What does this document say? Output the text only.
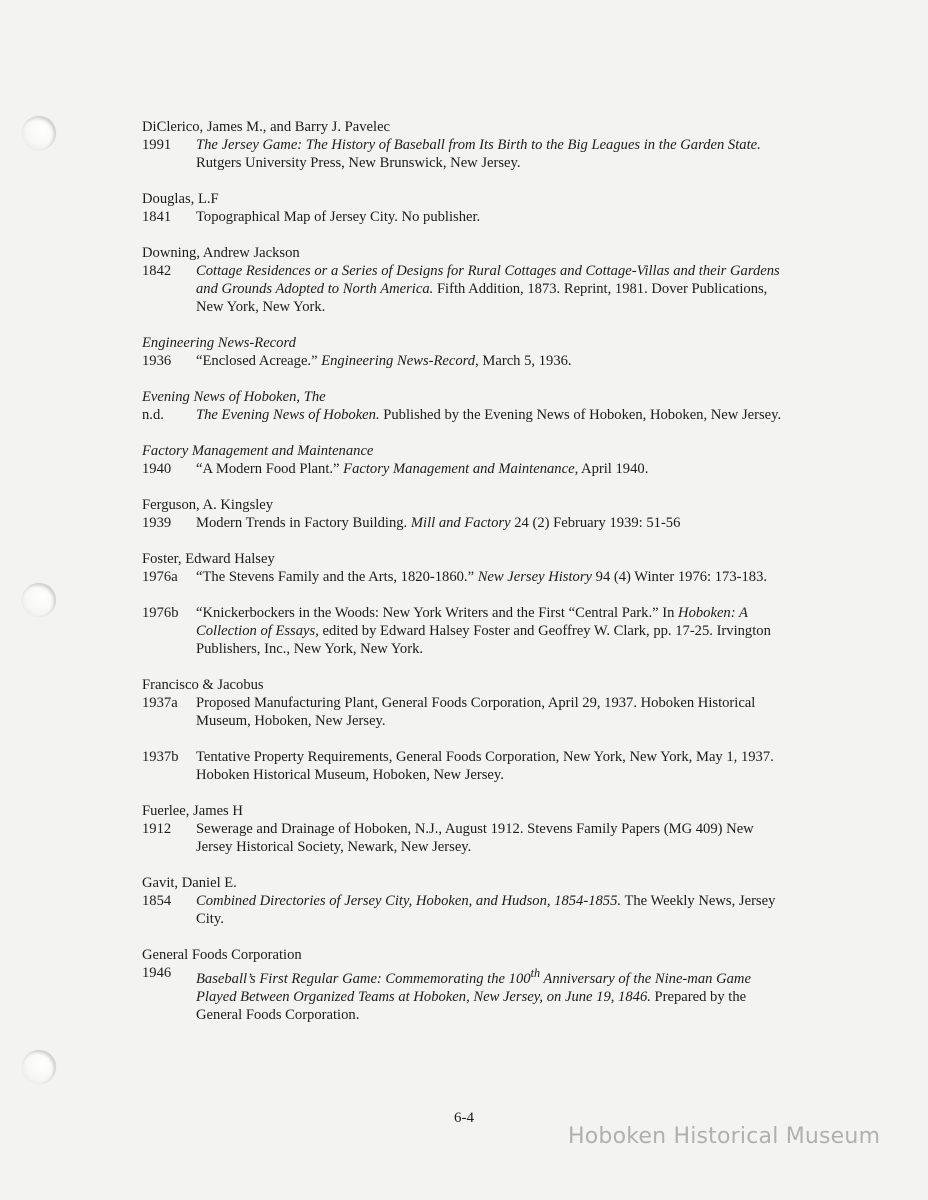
DiClerico, James M., and Barry J. Pavelec
1991	The Jersey Game: The History of Baseball from Its Birth to the Big Leagues in the Garden State. Rutgers University Press, New Brunswick, New Jersey.
Douglas, L.F
1841	Topographical Map of Jersey City. No publisher.
Downing, Andrew Jackson
1842	Cottage Residences or a Series of Designs for Rural Cottages and Cottage-Villas and their Gardens and Grounds Adopted to North America. Fifth Addition, 1873. Reprint, 1981. Dover Publications, New York, New York.
Engineering News-Record
1936	“Enclosed Acreage.” Engineering News-Record, March 5, 1936.
Evening News of Hoboken, The
n.d.	The Evening News of Hoboken. Published by the Evening News of Hoboken, Hoboken, New Jersey.
Factory Management and Maintenance
1940	“A Modern Food Plant.” Factory Management and Maintenance, April 1940.
Ferguson, A. Kingsley
1939	Modern Trends in Factory Building. Mill and Factory 24 (2) February 1939: 51-56
Foster, Edward Halsey
1976a	“The Stevens Family and the Arts, 1820-1860.” New Jersey History 94 (4) Winter 1976: 173-183.
1976b	“Knickerbockers in the Woods: New York Writers and the First “Central Park.” In Hoboken: A Collection of Essays, edited by Edward Halsey Foster and Geoffrey W. Clark, pp. 17-25. Irvington Publishers, Inc., New York, New York.
Francisco & Jacobus
1937a	Proposed Manufacturing Plant, General Foods Corporation, April 29, 1937. Hoboken Historical Museum, Hoboken, New Jersey.
1937b	Tentative Property Requirements, General Foods Corporation, New York, New York, May 1, 1937. Hoboken Historical Museum, Hoboken, New Jersey.
Fuerlee, James H
1912	Sewerage and Drainage of Hoboken, N.J., August 1912. Stevens Family Papers (MG 409) New Jersey Historical Society, Newark, New Jersey.
Gavit, Daniel E.
1854	Combined Directories of Jersey City, Hoboken, and Hudson, 1854-1855. The Weekly News, Jersey City.
General Foods Corporation
1946	Baseball’s First Regular Game: Commemorating the 100th Anniversary of the Nine-man Game Played Between Organized Teams at Hoboken, New Jersey, on June 19, 1846. Prepared by the General Foods Corporation.
6-4
Hoboken Historical Museum
